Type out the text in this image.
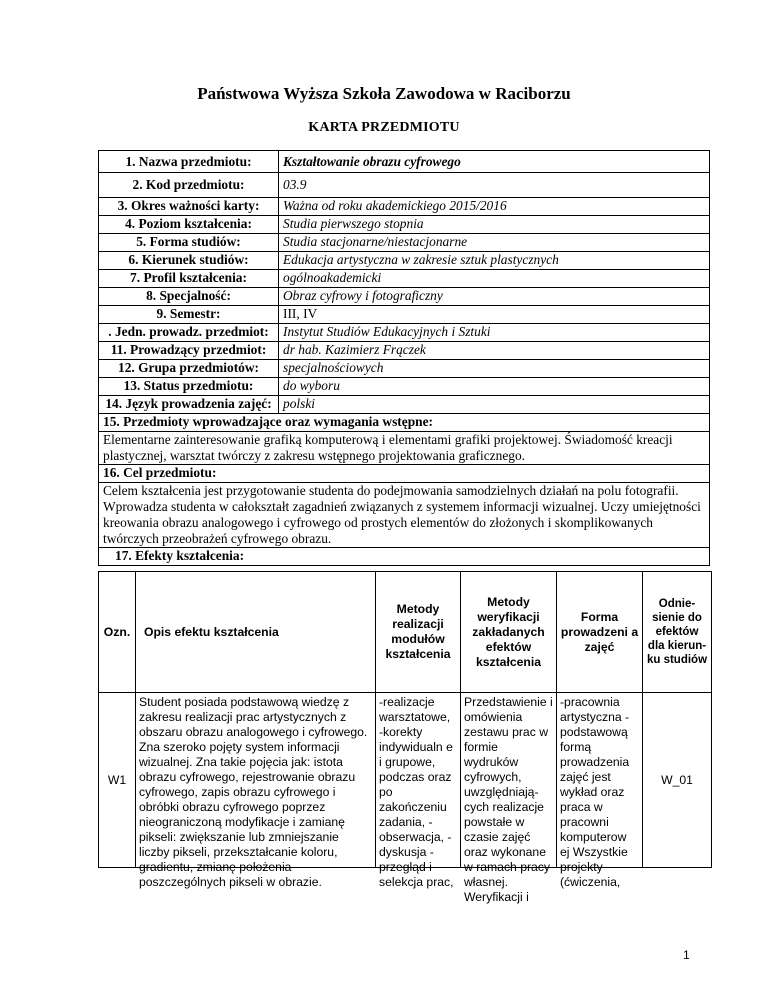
Państwowa Wyższa Szkoła Zawodowa w Raciborzu
KARTA PRZEDMIOTU
1. Nazwa przedmiotu:	Kształtowanie obrazu cyfrowego
2. Kod przedmiotu:	03.9
3. Okres ważności karty:	Ważna od roku akademickiego 2015/2016
4. Poziom kształcenia:	Studia pierwszego stopnia
5. Forma studiów:	Studia stacjonarne/niestacjonarne
6. Kierunek studiów:	Edukacja artystyczna w zakresie sztuk plastycznych
7. Profil kształcenia:	ogólnoakademicki
8. Specjalność:	Obraz cyfrowy i fotograficzny
9. Semestr:	III, IV
. Jedn. prowadz. przedmiot:	Instytut Studiów Edukacyjnych i Sztuki
11. Prowadzący przedmiot:	dr hab. Kazimierz Frączek
12. Grupa przedmiotów:	specjalnościowych
13. Status przedmiotu:	do wyboru
14. Język prowadzenia zajęć:	polski
15. Przedmioty wprowadzające oraz wymagania wstępne:	
Elementarne zainteresowanie grafiką komputerową i elementami grafiki projektowej. Świadomość kreacji plastycznej, warsztat twórczy z zakresu wstępnego projektowania graficznego.	
16. Cel przedmiotu:	
Celem kształcenia jest przygotowanie studenta do podejmowania samodzielnych działań na polu fotografii. Wprowadza studenta w całokształt zagadnień związanych z systemem informacji wizualnej. Uczy umiejętności kreowania obrazu analogowego i cyfrowego od prostych elementów do złożonych i skomplikowanych twórczych przeobrażeń cyfrowego obrazu.	
17. Efekty kształcenia:	
Ozn.	Opis efektu kształcenia	Metody realizacji modułów kształcenia	Metody weryfikacji zakładanych efektów kształcenia	Forma prowadzeni a zajęć	Odnie-sienie do efektów dla kierun-ku studiów
W1	Student posiada podstawową wiedzę z zakresu realizacji prac artystycznych z obszaru obrazu analogowego i cyfrowego. Zna szeroko pojęty system informacji wizualnej. Zna takie pojęcia jak: istota obrazu cyfrowego, rejestrowanie obrazu cyfrowego, zapis obrazu cyfrowego i obróbki obrazu cyfrowego poprzez nieograniczoną modyfikacje i zamianę pikseli: zwiększanie lub zmniejszanie liczby pikseli, przekształcanie koloru, gradientu, zmianę położenia poszczególnych pikseli w obrazie.	-realizacje warsztatowe, -korekty indywidualn e i grupowe, podczas oraz po zakończeniu zadania, -obserwacja, -dyskusja -przegląd i selekcja prac,	Przedstawienie i omówienia zestawu prac w formie wydruków cyfrowych, uwzględniają-cych realizacje powstałe w czasie zajęć oraz wykonane w ramach pracy własnej. Weryfikacji i	-pracownia artystyczna -podstawową formą prowadzenia zajęć jest wykład oraz praca w pracowni komputerow ej Wszystkie projekty (ćwiczenia,	W_01
1
